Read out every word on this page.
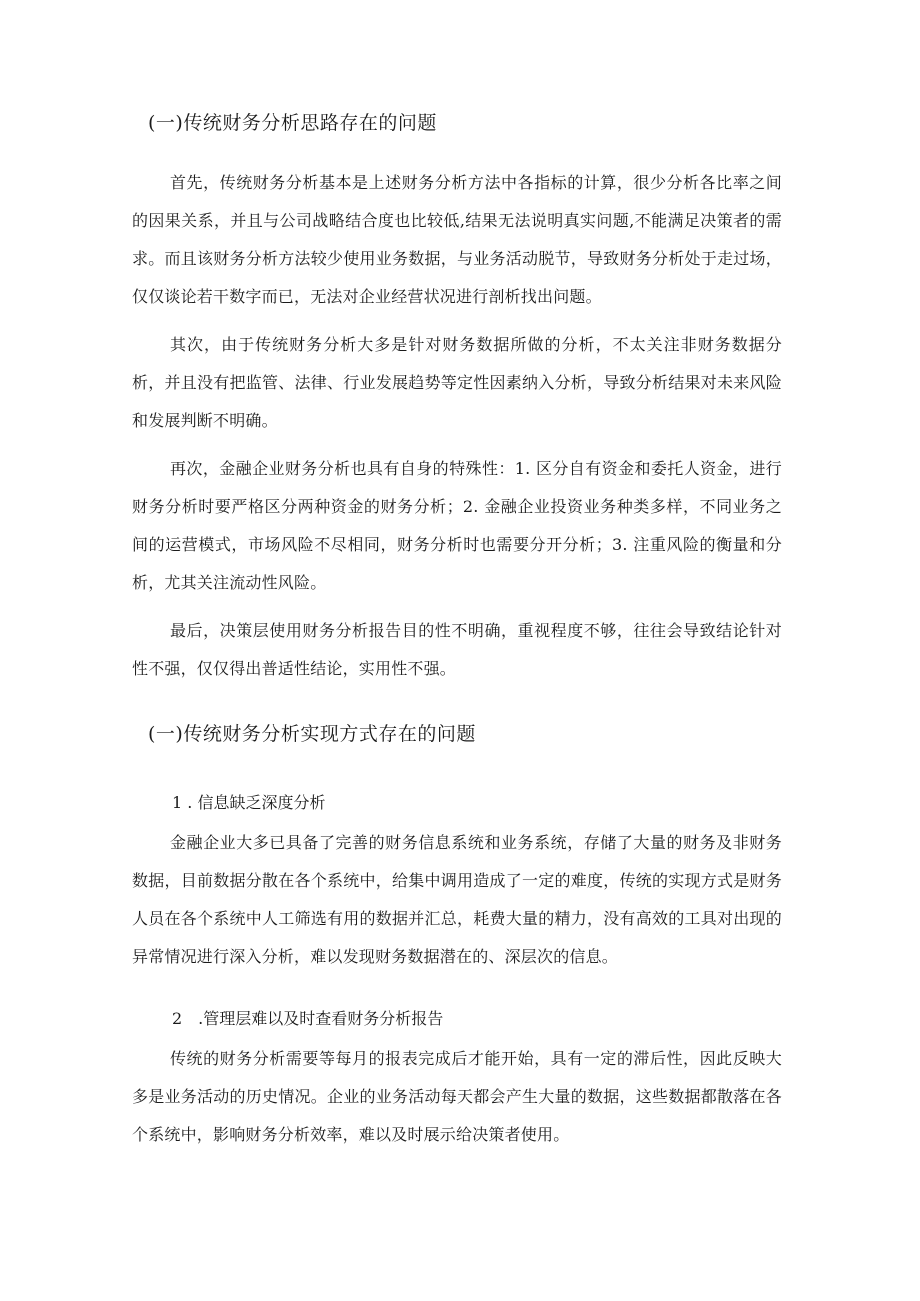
(一)传统财务分析思路存在的问题

首先，传统财务分析基本是上述财务分析方法中各指标的计算，很少分析各比率之间的因果关系，并且与公司战略结合度也比较低,结果无法说明真实问题,不能满足决策者的需求。而且该财务分析方法较少使用业务数据，与业务活动脱节，导致财务分析处于走过场，仅仅谈论若干数字而已，无法对企业经营状况进行剖析找出问题。

其次，由于传统财务分析大多是针对财务数据所做的分析，不太关注非财务数据分析，并且没有把监管、法律、行业发展趋势等定性因素纳入分析，导致分析结果对未来风险和发展判断不明确。

再次，金融企业财务分析也具有自身的特殊性：1. 区分自有资金和委托人资金，进行财务分析时要严格区分两种资金的财务分析；2. 金融企业投资业务种类多样，不同业务之间的运营模式，市场风险不尽相同，财务分析时也需要分开分析；3. 注重风险的衡量和分析，尤其关注流动性风险。

最后，决策层使用财务分析报告目的性不明确，重视程度不够，往往会导致结论针对性不强，仅仅得出普适性结论，实用性不强。

(一)传统财务分析实现方式存在的问题
1 . 信息缺乏深度分析

金融企业大多已具备了完善的财务信息系统和业务系统，存储了大量的财务及非财务数据，目前数据分散在各个系统中，给集中调用造成了一定的难度，传统的实现方式是财务人员在各个系统中人工筛选有用的数据并汇总，耗费大量的精力，没有高效的工具对出现的异常情况进行深入分析，难以发现财务数据潜在的、深层次的信息。

2　.管理层难以及时查看财务分析报告

传统的财务分析需要等每月的报表完成后才能开始，具有一定的滞后性，因此反映大多是业务活动的历史情况。企业的业务活动每天都会产生大量的数据，这些数据都散落在各个系统中，影响财务分析效率，难以及时展示给决策者使用。
